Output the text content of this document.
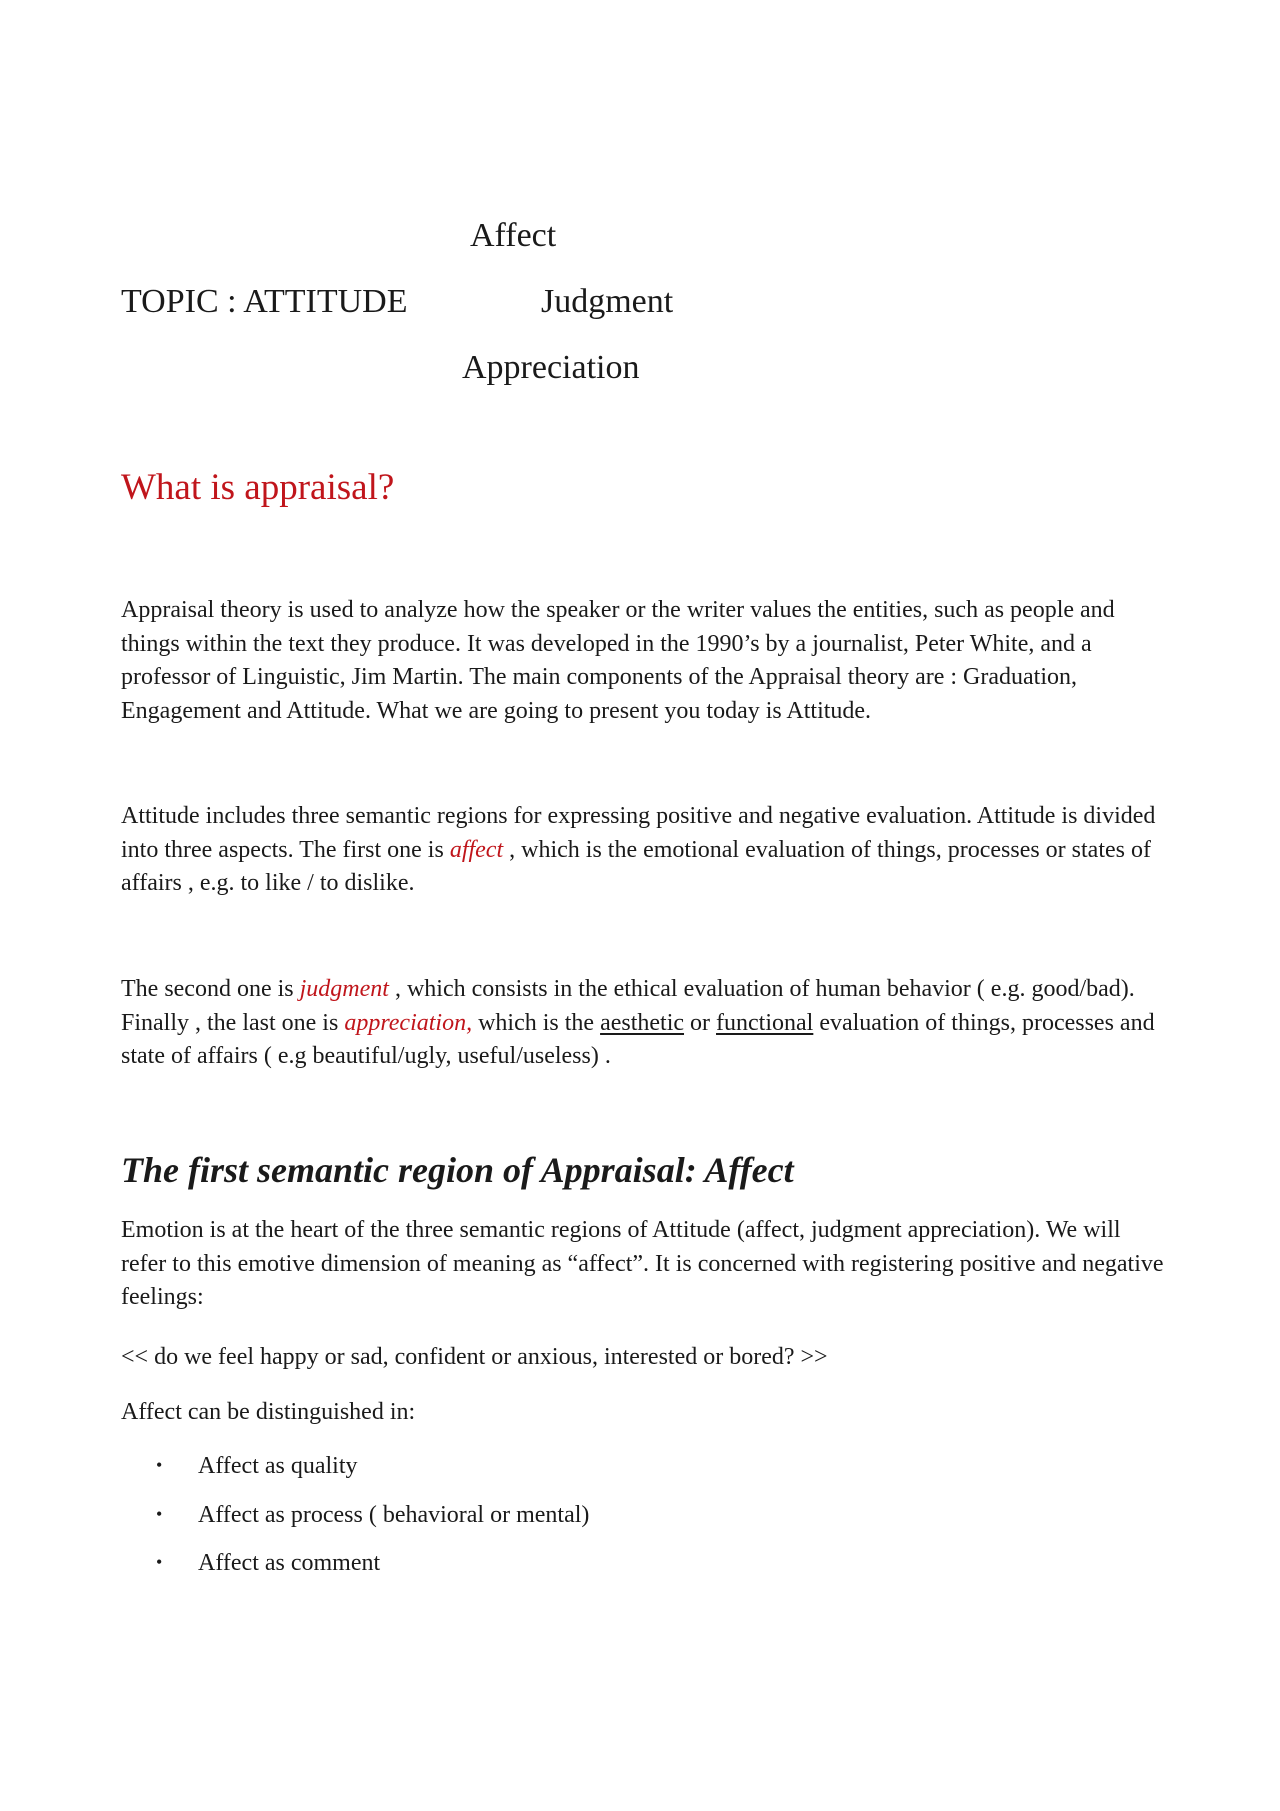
Affect
TOPIC : ATTITUDE	Judgment
Appreciation
What is appraisal?

Appraisal theory is used to analyze how the speaker or the writer values the entities, such as people and things within the text they produce. It was developed in the 1990’s by a journalist, Peter White, and a professor of Linguistic, Jim Martin. The main components of the Appraisal theory are : Graduation, Engagement and Attitude. What we are going to present you today is Attitude.

Attitude includes three semantic regions for expressing positive and negative evaluation. Attitude is divided into three aspects. The first one is affect , which is the emotional evaluation of things, processes or states of affairs , e.g. to like / to dislike.

The second one is judgment , which consists in the ethical evaluation of human behavior ( e.g. good/bad). Finally , the last one is appreciation, which is the aesthetic or functional evaluation of things, processes and state of affairs ( e.g beautiful/ugly, useful/useless) .

The first semantic region of Appraisal: Affect

Emotion is at the heart of the three semantic regions of Attitude (affect, judgment appreciation). We will refer to this emotive dimension of meaning as “affect”. It is concerned with registering positive and negative feelings:

<< do we feel happy or sad, confident or anxious, interested or bored? >>
Affect can be distinguished in:
• Affect as quality
• Affect as process ( behavioral or mental)
• Affect as comment
